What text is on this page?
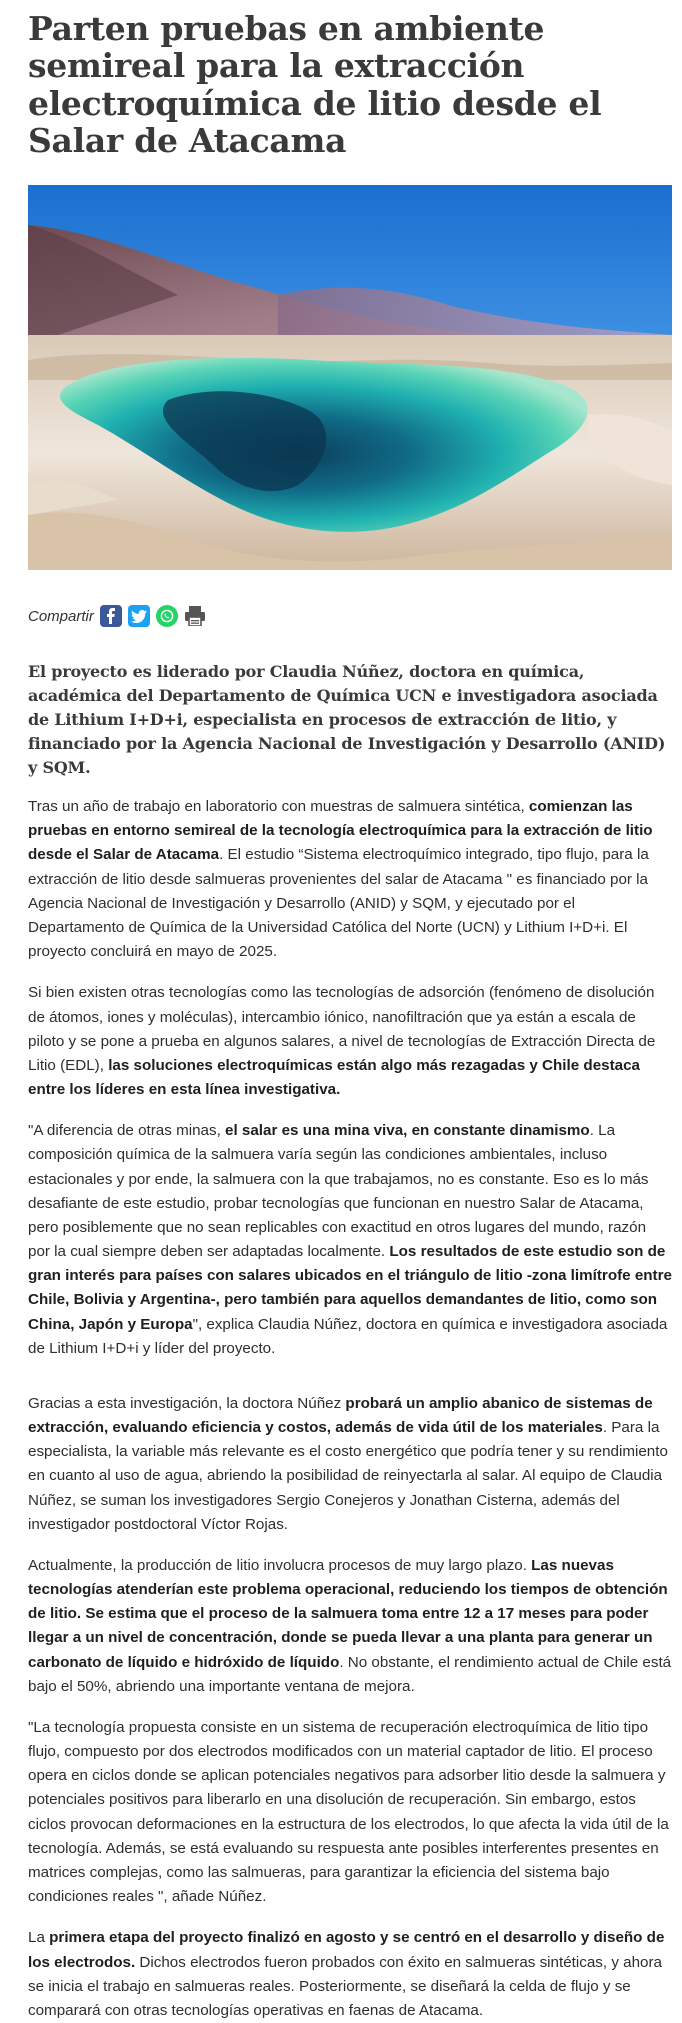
Parten pruebas en ambiente semireal para la extracción electroquímica de litio desde el Salar de Atacama
Compartir

El proyecto es liderado por Claudia Núñez, doctora en química, académica del Departamento de Química UCN e investigadora asociada de Lithium I+D+i, especialista en procesos de extracción de litio, y financiado por la Agencia Nacional de Investigación y Desarrollo (ANID) y SQM.

Tras un año de trabajo en laboratorio con muestras de salmuera sintética, comienzan las pruebas en entorno semireal de la tecnología electroquímica para la extracción de litio desde el Salar de Atacama. El estudio “Sistema electroquímico integrado, tipo flujo, para la extracción de litio desde salmueras provenientes del salar de Atacama " es financiado por la Agencia Nacional de Investigación y Desarrollo (ANID) y SQM, y ejecutado por el Departamento de Química de la Universidad Católica del Norte (UCN) y Lithium I+D+i. El proyecto concluirá en mayo de 2025.

Si bien existen otras tecnologías como las tecnologías de adsorción (fenómeno de disolución de átomos, iones y moléculas), intercambio iónico, nanofiltración que ya están a escala de piloto y se pone a prueba en algunos salares, a nivel de tecnologías de Extracción Directa de Litio (EDL), las soluciones electroquímicas están algo más rezagadas y Chile destaca entre los líderes en esta línea investigativa.

"A diferencia de otras minas, el salar es una mina viva, en constante dinamismo. La composición química de la salmuera varía según las condiciones ambientales, incluso estacionales y por ende, la salmuera con la que trabajamos, no es constante. Eso es lo más desafiante de este estudio, probar tecnologías que funcionan en nuestro Salar de Atacama, pero posiblemente que no sean replicables con exactitud en otros lugares del mundo, razón por la cual siempre deben ser adaptadas localmente. Los resultados de este estudio son de gran interés para países con salares ubicados en el triángulo de litio -zona limítrofe entre Chile, Bolivia y Argentina-, pero también para aquellos demandantes de litio, como son China, Japón y Europa", explica Claudia Núñez, doctora en química e investigadora asociada de Lithium I+D+i y líder del proyecto.

Gracias a esta investigación, la doctora Núñez probará un amplio abanico de sistemas de extracción, evaluando eficiencia y costos, además de vida útil de los materiales. Para la especialista, la variable más relevante es el costo energético que podría tener y su rendimiento en cuanto al uso de agua, abriendo la posibilidad de reinyectarla al salar. Al equipo de Claudia Núñez, se suman los investigadores Sergio Conejeros y Jonathan Cisterna, además del investigador postdoctoral Víctor Rojas.

Actualmente, la producción de litio involucra procesos de muy largo plazo. Las nuevas tecnologías atenderían este problema operacional, reduciendo los tiempos de obtención de litio. Se estima que el proceso de la salmuera toma entre 12 a 17 meses para poder llegar a un nivel de concentración, donde se pueda llevar a una planta para generar un carbonato de líquido e hidróxido de líquido. No obstante, el rendimiento actual de Chile está bajo el 50%, abriendo una importante ventana de mejora.

"La tecnología propuesta consiste en un sistema de recuperación electroquímica de litio tipo flujo, compuesto por dos electrodos modificados con un material captador de litio. El proceso opera en ciclos donde se aplican potenciales negativos para adsorber litio desde la salmuera y potenciales positivos para liberarlo en una disolución de recuperación. Sin embargo, estos ciclos provocan deformaciones en la estructura de los electrodos, lo que afecta la vida útil de la tecnología. Además, se está evaluando su respuesta ante posibles interferentes presentes en matrices complejas, como las salmueras, para garantizar la eficiencia del sistema bajo condiciones reales ", añade Núñez.

La primera etapa del proyecto finalizó en agosto y se centró en el desarrollo y diseño de los electrodos. Dichos electrodos fueron probados con éxito en salmueras sintéticas, y ahora se inicia el trabajo en salmueras reales. Posteriormente, se diseñará la celda de flujo y se comparará con otras tecnologías operativas en faenas de Atacama.
